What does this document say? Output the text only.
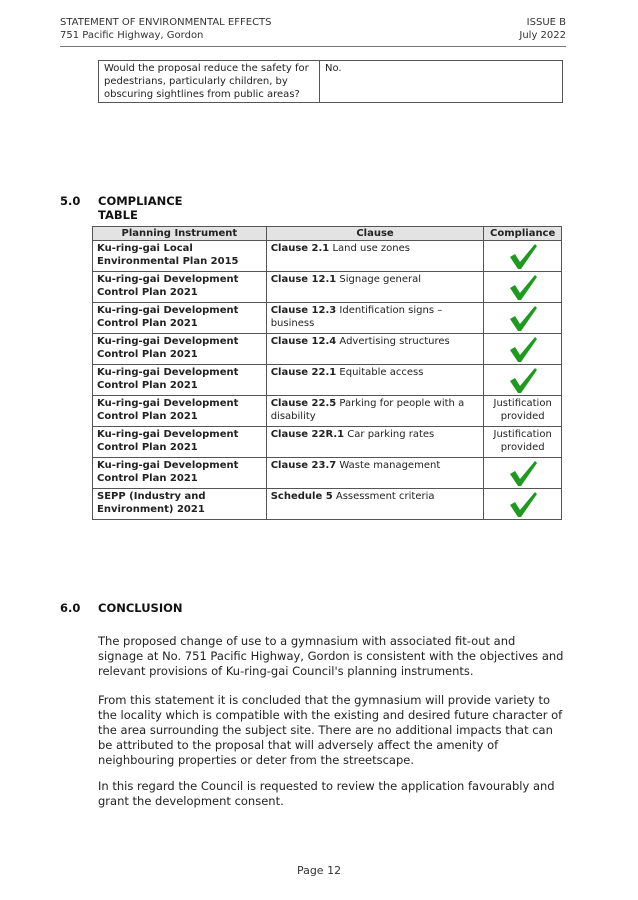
STATEMENT OF ENVIRONMENTAL EFFECTS
751 Pacific Highway, Gordon
ISSUE B
July 2022
Would the proposal reduce the safety for pedestrians, particularly children, by obscuring sightlines from public areas?	No.
5.0 COMPLIANCE TABLE
Planning Instrument	Clause	Compliance
Ku-ring-gai Local Environmental Plan 2015	Clause 2.1 Land use zones	

Ku-ring-gai Development Control Plan 2021	Clause 12.1 Signage general	

Ku-ring-gai Development Control Plan 2021	Clause 12.3 Identification signs – business	

Ku-ring-gai Development Control Plan 2021	Clause 12.4 Advertising structures	

Ku-ring-gai Development Control Plan 2021	Clause 22.1 Equitable access	

Ku-ring-gai Development Control Plan 2021	Clause 22.5 Parking for people with a disability	Justification provided

Ku-ring-gai Development Control Plan 2021	Clause 22R.1 Car parking rates	Justification provided

Ku-ring-gai Development Control Plan 2021	Clause 23.7 Waste management	

SEPP (Industry and Environment) 2021	Schedule 5 Assessment criteria	
6.0 CONCLUSION

The proposed change of use to a gymnasium with associated fit-out and signage at No. 751 Pacific Highway, Gordon is consistent with the objectives and relevant provisions of Ku-ring-gai Council's planning instruments.

From this statement it is concluded that the gymnasium will provide variety to the locality which is compatible with the existing and desired future character of the area surrounding the subject site. There are no additional impacts that can be attributed to the proposal that will adversely affect the amenity of neighbouring properties or deter from the streetscape.

In this regard the Council is requested to review the application favourably and grant the development consent.

Page 12
